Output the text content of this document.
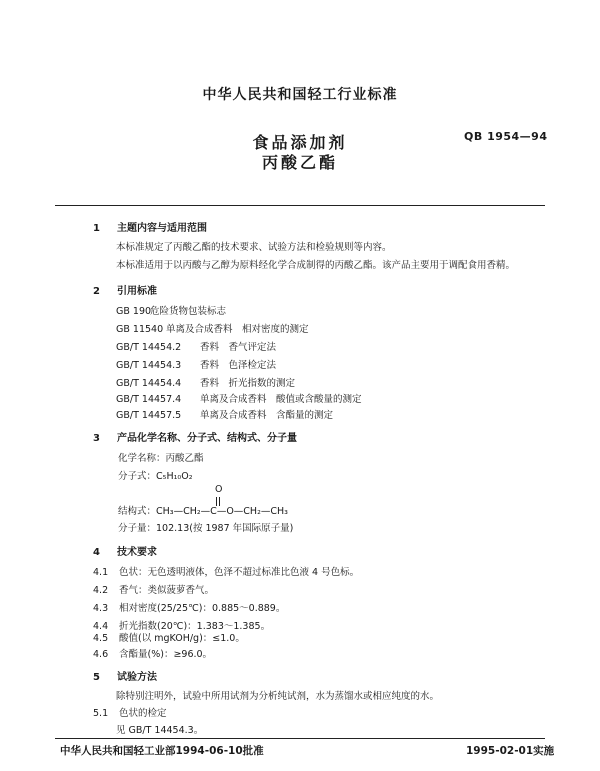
中华人民共和国轻工行业标准
食品添加剂
丙酸乙酯
QB 1954—94
1 主题内容与适用范围
本标准规定了丙酸乙酯的技术要求、试验方法和检验规则等内容。
本标准适用于以丙酸与乙醇为原料经化学合成制得的丙酸乙酯。该产品主要用于调配食用香精。
2 引用标准
GB 190危险货物包装标志
GB 11540 单离及合成香料　相对密度的测定
GB/T 14454.2 香料　香气评定法
GB/T 14454.3 香料　色泽检定法
GB/T 14454.4 香料　折光指数的测定
GB/T 14457.4 单离及合成香料　酸值或含酸量的测定
GB/T 14457.5 单离及合成香料　含酯量的测定
3 产品化学名称、分子式、结构式、分子量
化学名称：丙酸乙酯
分子式：C₅H₁₀O₂
O
结构式：CH₃—CH₂—C—O—CH₂—CH₃
分子量：102.13(按 1987 年国际原子量)
4 技术要求
4.1 色状：无色透明液体，色泽不超过标准比色液 4 号色标。
4.2 香气：类似菠萝香气。
4.3 相对密度(25/25℃)：0.885～0.889。
4.4 折光指数(20℃)：1.383～1.385。
4.5 酸值(以 mgKOH/g)：≤1.0。
4.6 含酯量(%)：≥96.0。
5 试验方法
除特别注明外，试验中所用试剂为分析纯试剂，水为蒸馏水或相应纯度的水。
5.1 色状的检定
见 GB/T 14454.3。
中华人民共和国轻工业部1994-06-10批准	1995-02-01实施
